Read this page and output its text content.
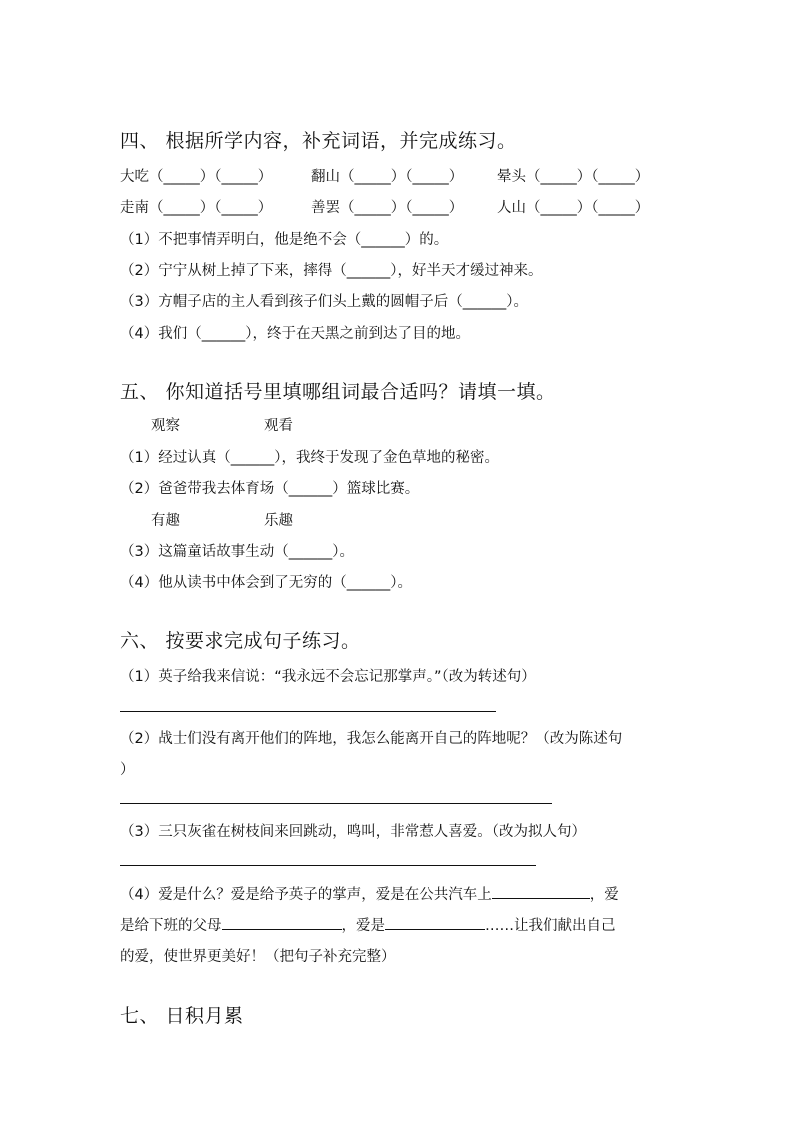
四、 根据所学内容，补充词语，并完成练习。
大吃（_____）（_____）	翻山（_____）（_____） 晕头（_____）（_____）
走南（_____）（_____）	善罢（_____）（_____） 人山（_____）（_____）
（1）不把事情弄明白，他是绝不会（______）的。
（2）宁宁从树上掉了下来，摔得（______），好半天才缓过神来。
（3）方帽子店的主人看到孩子们头上戴的圆帽子后（______）。
（4）我们（______），终于在天黑之前到达了目的地。
五、 你知道括号里填哪组词最合适吗？请填一填。
观察	观看
（1）经过认真（______），我终于发现了金色草地的秘密。
（2）爸爸带我去体育场（______）篮球比赛。
有趣	乐趣
（3）这篇童话故事生动（______）。
（4）他从读书中体会到了无穷的（______）。
六、 按要求完成句子练习。
（1）英子给我来信说：“我永远不会忘记那掌声。”（改为转述句）
（2）战士们没有离开他们的阵地，我怎么能离开自己的阵地呢？（改为陈述句
）
（3）三只灰雀在树枝间来回跳动，鸣叫，非常惹人喜爱。（改为拟人句）
（4）爱是什么？爱是给予英子的掌声，爱是在公共汽车上	，爱
是给下班的父母	，爱是	……让我们献出自己
的爱，使世界更美好！（把句子补充完整）
七、 日积月累
